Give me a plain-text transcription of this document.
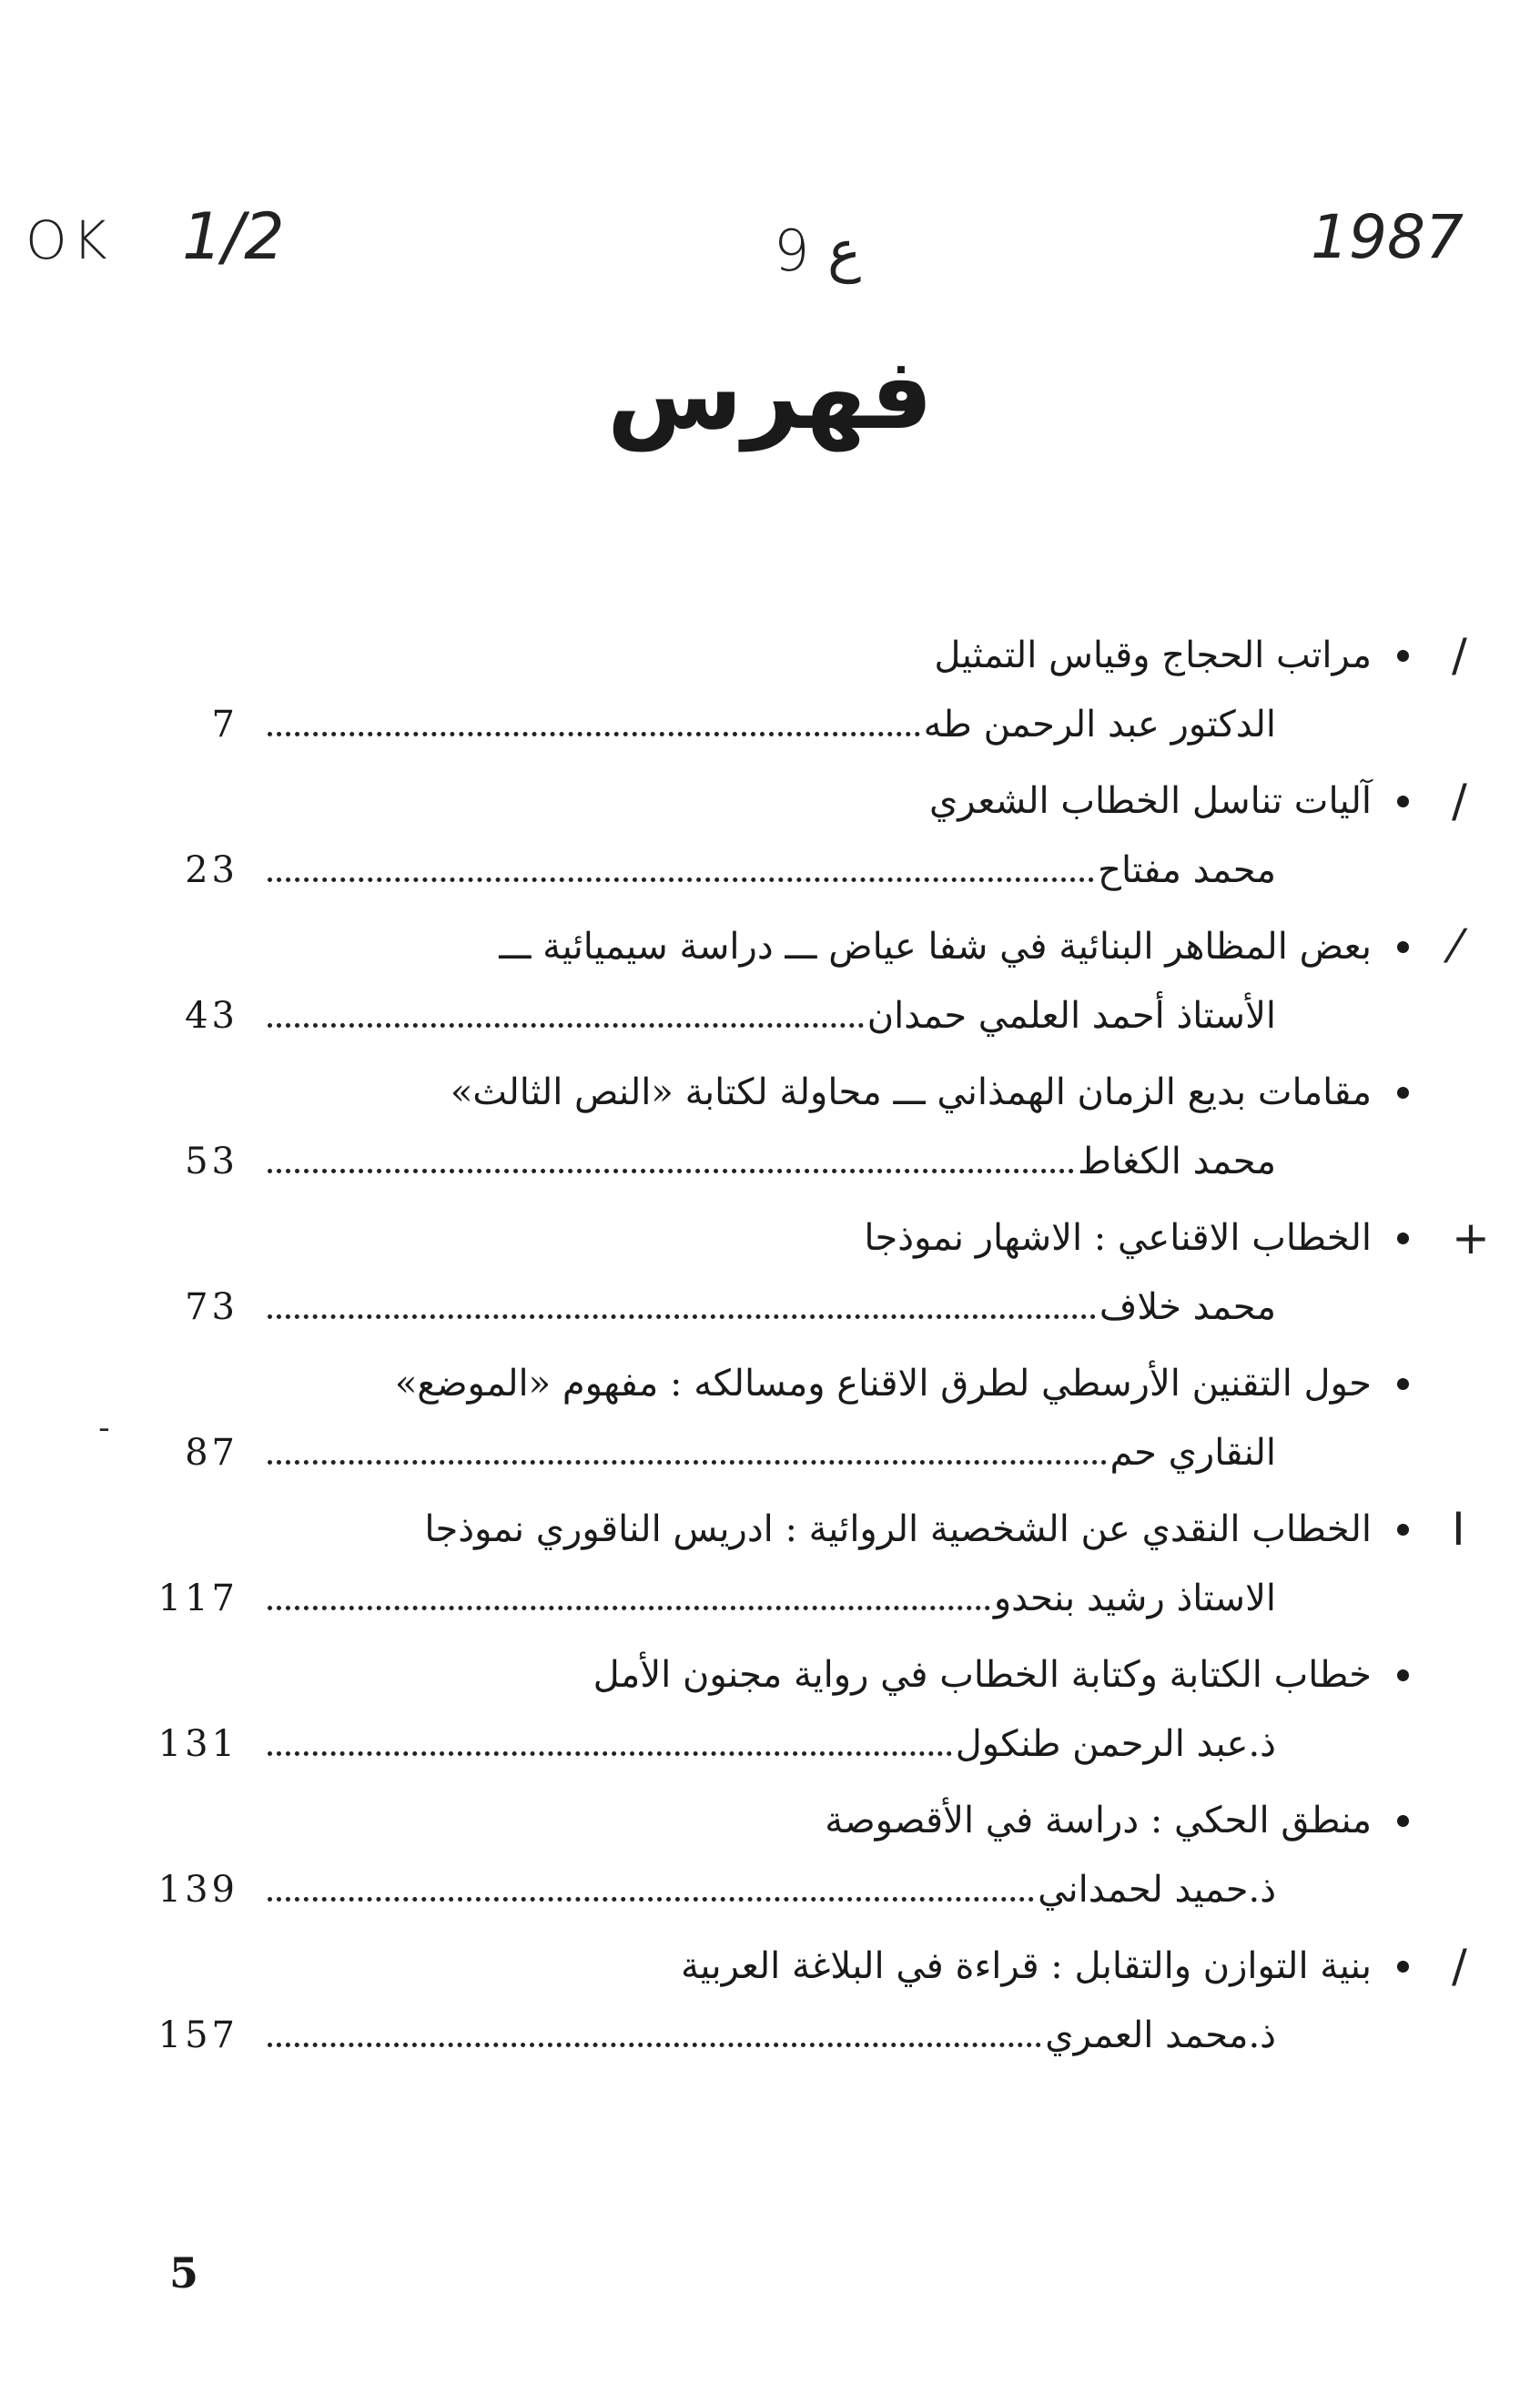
OK 1/2	ع 9	1987
فهرس
/
مراتب الحجاج وقياس التمثيل
الدكتور عبد الرحمن طه
7
/
آليات تناسل الخطاب الشعري
محمد مفتاح
23
⁄
بعض المظاهر البنائية في شفا عياض ـــ دراسة سيميائية ـــ
الأستاذ أحمد العلمي حمدان
43
مقامات بديع الزمان الهمذاني ـــ محاولة لكتابة «النص الثالث»
محمد الكغاط
53
+
الخطاب الاقناعي : الاشهار نموذجا
محمد خلاف
73
حول التقنين الأرسطي لطرق الاقناع ومسالكه : مفهوم «الموضع»
النقاري حم
87
I
الخطاب النقدي عن الشخصية الروائية : ادريس الناقوري نموذجا
الاستاذ رشيد بنحدو
117
خطاب الكتابة وكتابة الخطاب في رواية مجنون الأمل
ذ.عبد الرحمن طنكول
131
منطق الحكي : دراسة في الأقصوصة
ذ.حميد لحمداني
139
/
بنية التوازن والتقابل : قراءة في البلاغة العربية
ذ.محمد العمري
157
ـ
5
